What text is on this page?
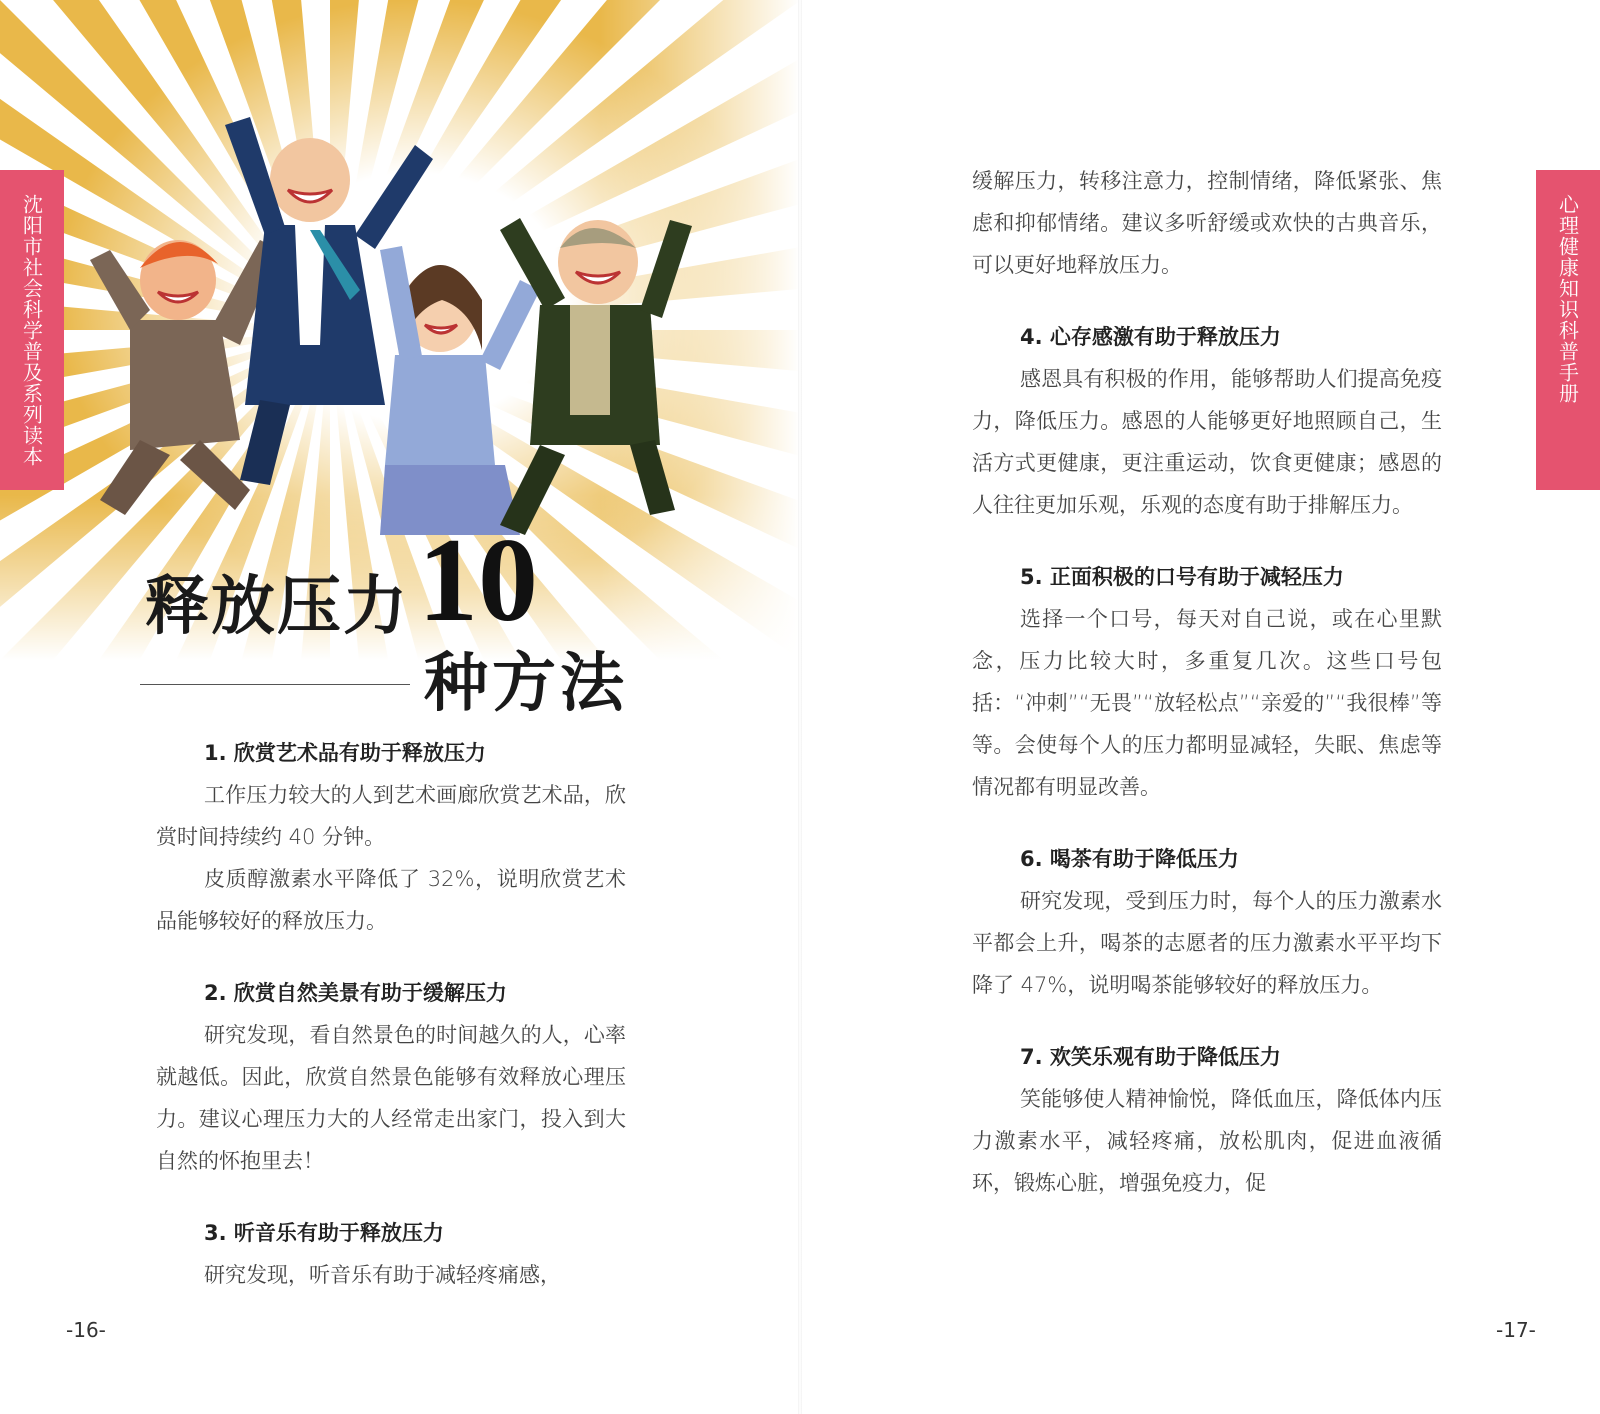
沈阳市社会科学普及系列读本
释放压力 10
种方法
1. 欣赏艺术品有助于释放压力
工作压力较大的人到艺术画廊欣赏艺术品，欣赏时间持续约 40 分钟。
皮质醇激素水平降低了 32%，说明欣赏艺术品能够较好的释放压力。
2. 欣赏自然美景有助于缓解压力
研究发现，看自然景色的时间越久的人，心率就越低。因此，欣赏自然景色能够有效释放心理压力。建议心理压力大的人经常走出家门，投入到大自然的怀抱里去！
3. 听音乐有助于释放压力
研究发现，听音乐有助于减轻疼痛感，
-16-
心理健康知识科普手册
-17-
缓解压力，转移注意力，控制情绪，降低紧张、焦虑和抑郁情绪。建议多听舒缓或欢快的古典音乐，可以更好地释放压力。
4. 心存感激有助于释放压力
感恩具有积极的作用，能够帮助人们提高免疫力，降低压力。感恩的人能够更好地照顾自己，生活方式更健康，更注重运动，饮食更健康；感恩的人往往更加乐观，乐观的态度有助于排解压力。
5. 正面积极的口号有助于减轻压力
选择一个口号，每天对自己说，或在心里默念，压力比较大时，多重复几次。这些口号包括：“冲刺”“无畏”“放轻松点”“亲爱的”“我很棒”等等。会使每个人的压力都明显减轻，失眠、焦虑等情况都有明显改善。
6. 喝茶有助于降低压力
研究发现，受到压力时，每个人的压力激素水平都会上升，喝茶的志愿者的压力激素水平平均下降了 47%，说明喝茶能够较好的释放压力。
7. 欢笑乐观有助于降低压力
笑能够使人精神愉悦，降低血压，降低体内压力激素水平，减轻疼痛，放松肌肉，促进血液循环，锻炼心脏，增强免疫力，促
